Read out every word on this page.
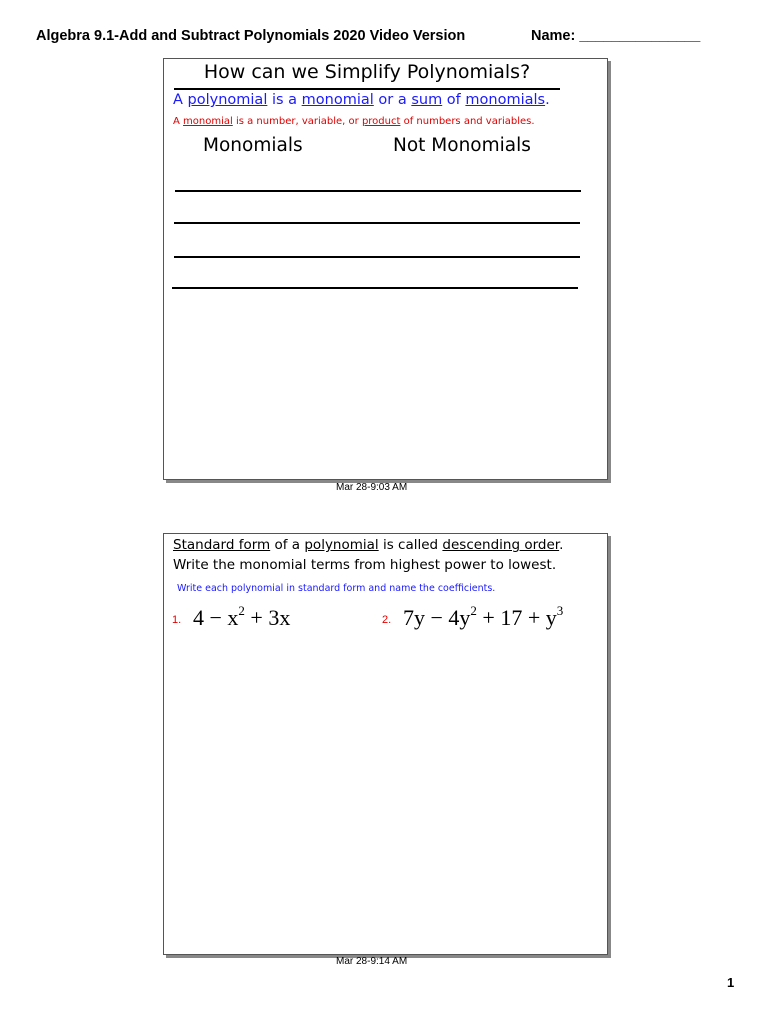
Algebra 9.1-Add and Subtract Polynomials 2020 Video Version	Name: _______________
How can we Simplify Polynomials?
A polynomial is a monomial or a sum of monomials.
A monomial is a number, variable, or product of numbers and variables.
Monomials	Not Monomials
Mar 28-9:03 AM
Standard form of a polynomial is called descending order.
Write the monomial terms from highest power to lowest.
Write each polynomial in standard form and name the coefficients.
1. $4 - x^2 + 3x$	2. $7y - 4y^2 + 17 + y^3$
Mar 28-9:14 AM
1
